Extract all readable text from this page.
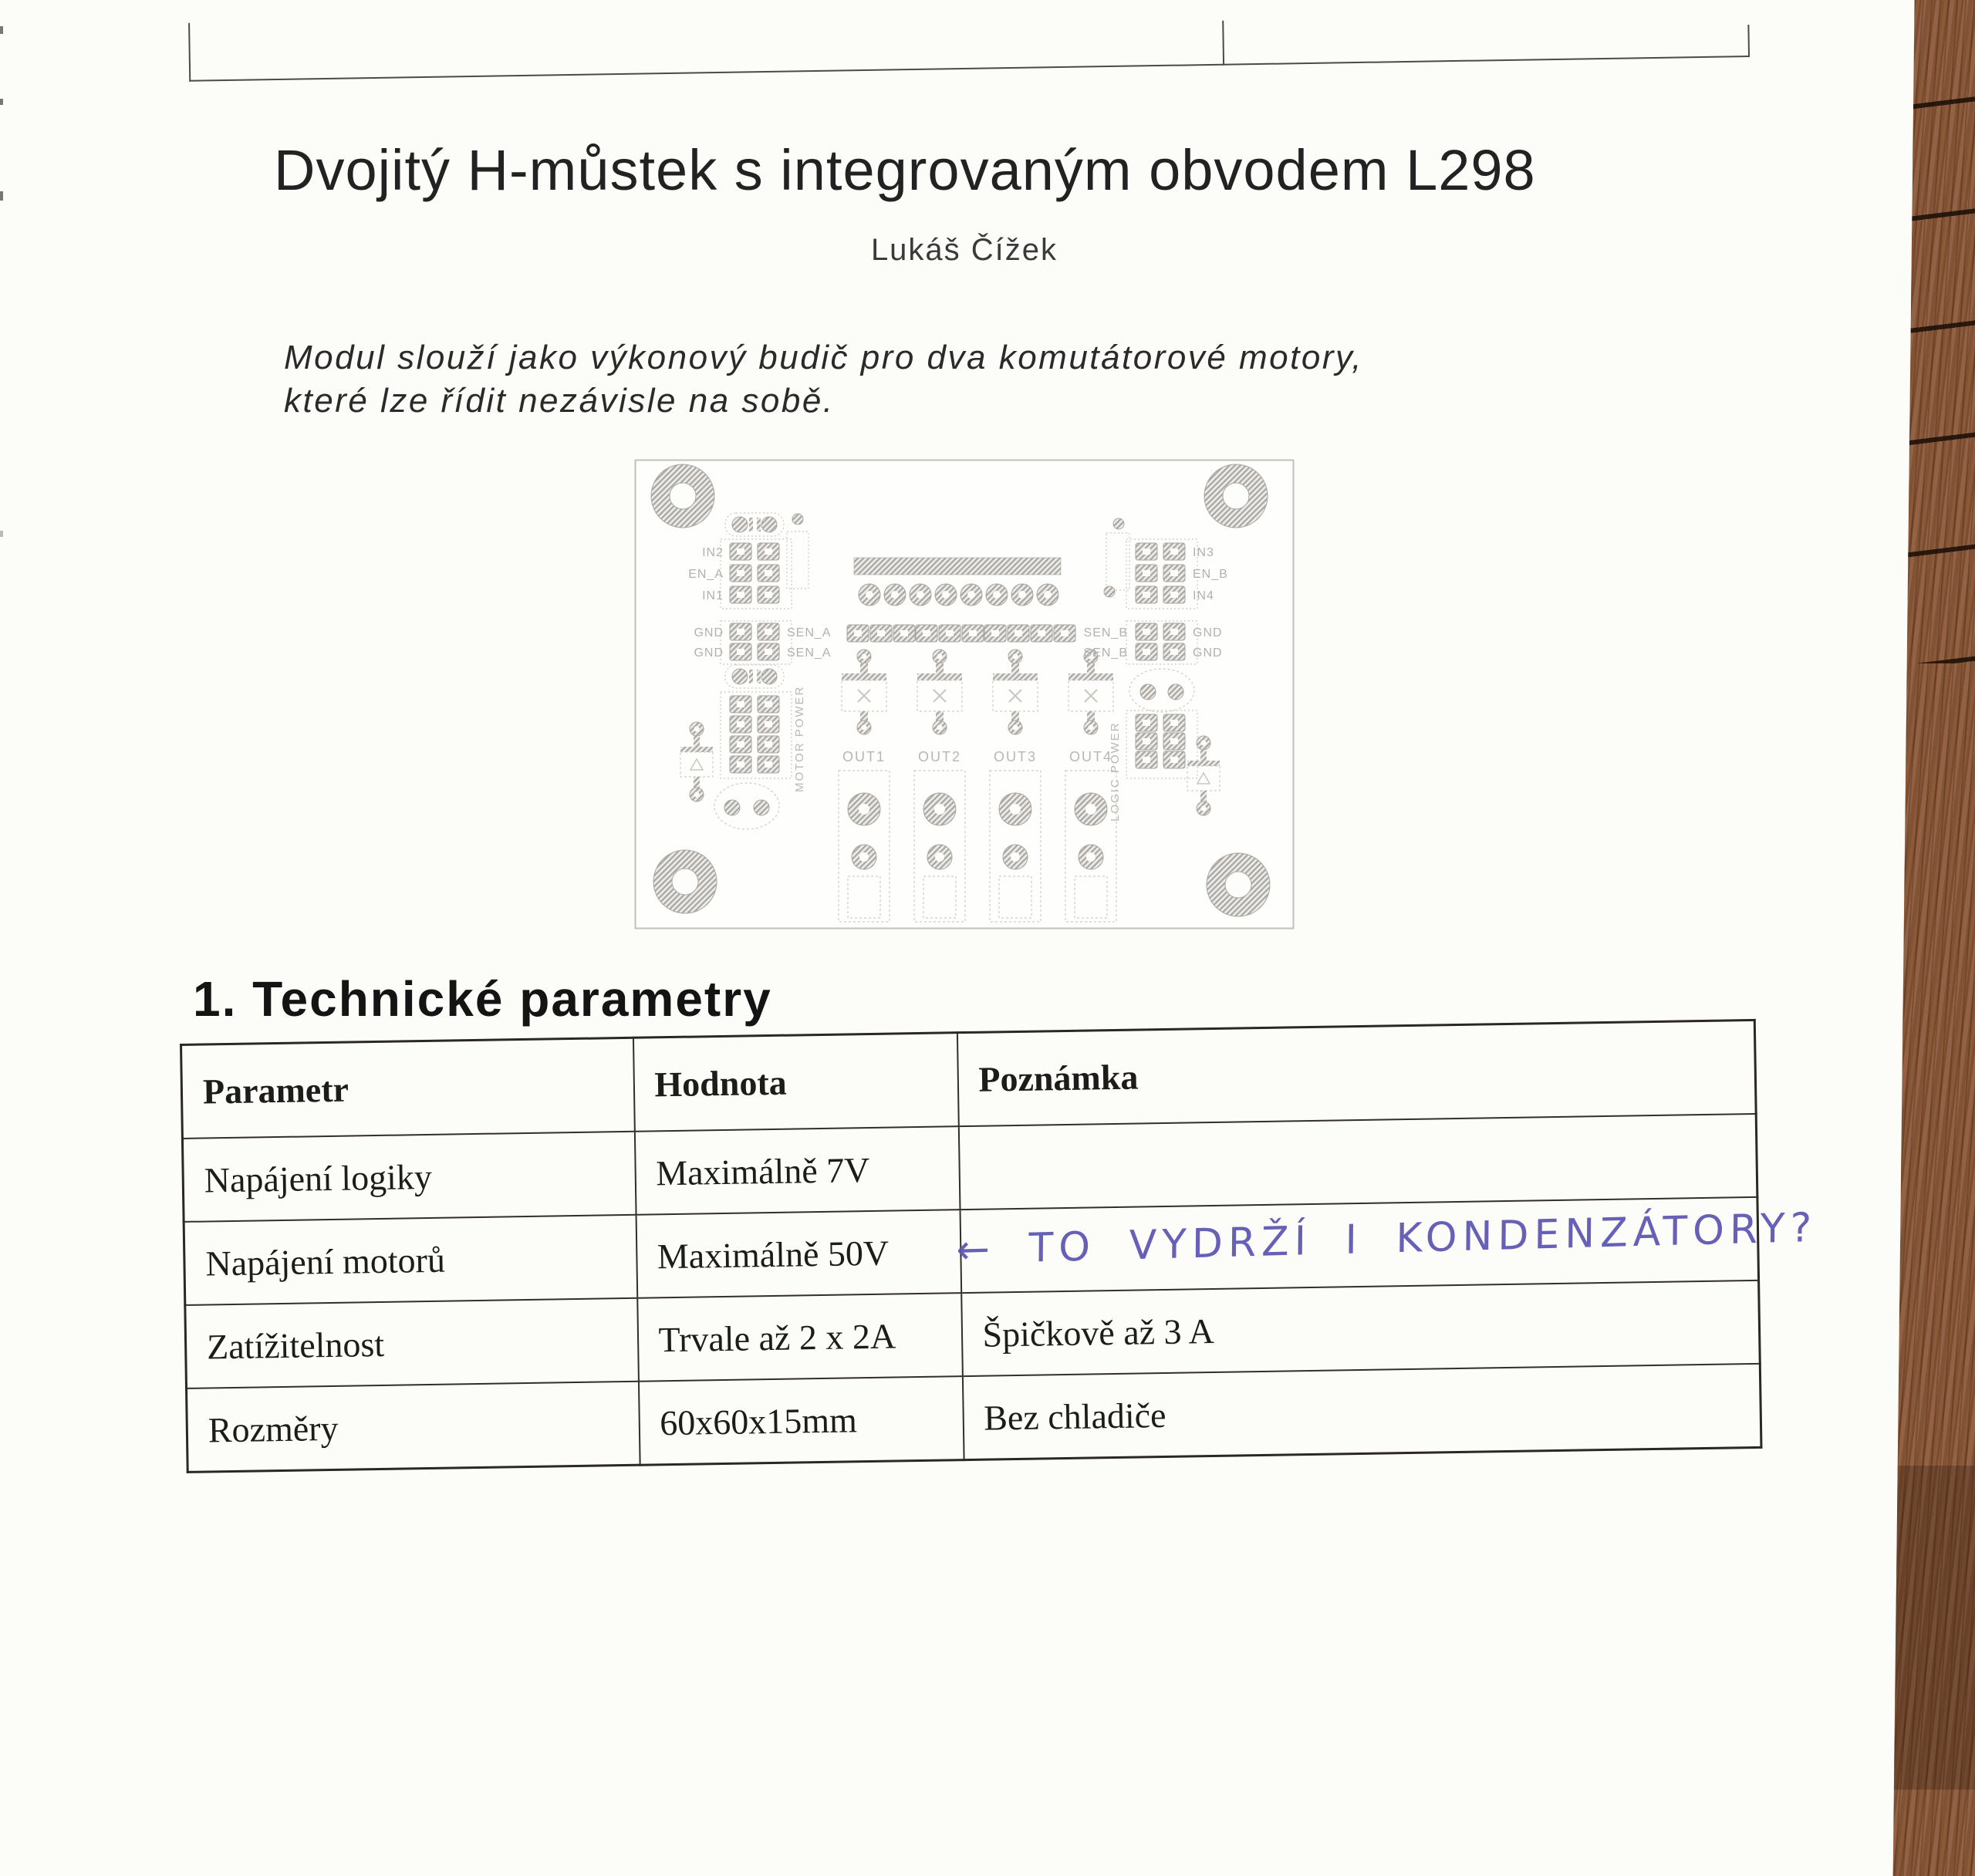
Dvojitý H-můstek s integrovaným obvodem L298
Lukáš Čížek
Modul slouží jako výkonový budič pro dva komutátorové motory,
které lze řídit nezávisle na sobě.
IN2
EN_A
IN1
GND
GND
SEN_A
SEN_A
MOTOR POWER	OUT1 OUT2 OUT3 OUT4
IN3
EN_B
IN4
SEN_B
SEN_B
GND
GND
LOGIC POWER
1. Technické parametry
Parametr	Hodnota	Poznámka
Napájení logiky	Maximálně 7V	
Napájení motorů	Maximálně 50V	
Zatížitelnost	Trvale až 2 x 2A	Špičkově až 3 A
Rozměry	60x60x15mm	Bez chladiče
← TO VYDRŽÍ I KONDENZÁTORY?
